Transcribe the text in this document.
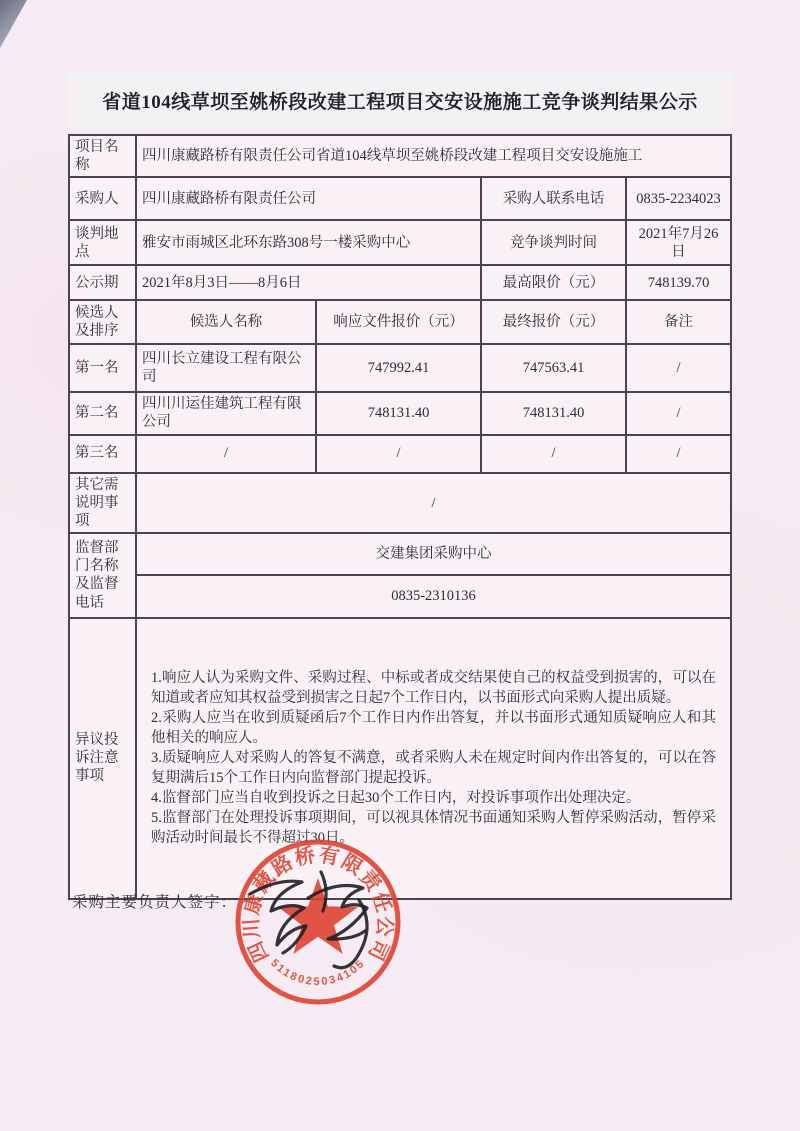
省道104线草坝至姚桥段改建工程项目交安设施施工竞争谈判结果公示
项目名称	四川康藏路桥有限责任公司省道104线草坝至姚桥段改建工程项目交安设施施工			
采购人	四川康藏路桥有限责任公司		采购人联系电话	0835-2234023
谈判地点	雅安市雨城区北环东路308号一楼采购中心		竞争谈判时间	2021年7月26日
公示期	2021年8月3日——8月6日		最高限价（元）	748139.70
候选人及排序	候选人名称	响应文件报价（元）	最终报价（元）	备注
第一名	四川长立建设工程有限公司	747992.41	747563.41	/
第二名	四川川运佳建筑工程有限公司	748131.40	748131.40	/
第三名	/	/	/	/
其它需说明事项	/			
监督部门名称及监督电话	交建集团采购中心			
	0835-2310136			
异议投诉注意事项	1.响应人认为采购文件、采购过程、中标或者成交结果使自己的权益受到损害的，可以在知道或者应知其权益受到损害之日起7个工作日内，以书面形式向采购人提出质疑。

2.采购人应当在收到质疑函后7个工作日内作出答复，并以书面形式通知质疑响应人和其他相关的响应人。

3.质疑响应人对采购人的答复不满意，或者采购人未在规定时间内作出答复的，可以在答复期满后15个工作日内向监督部门提起投诉。

4.监督部门应当自收到投诉之日起30个工作日内，对投诉事项作出处理决定。

5.监督部门在处理投诉事项期间，可以视具体情况书面通知采购人暂停采购活动，暂停采购活动时间最长不得超过30日。			

采购主要负责人签字：
四川康藏路桥有限责任公司
5118025034105
